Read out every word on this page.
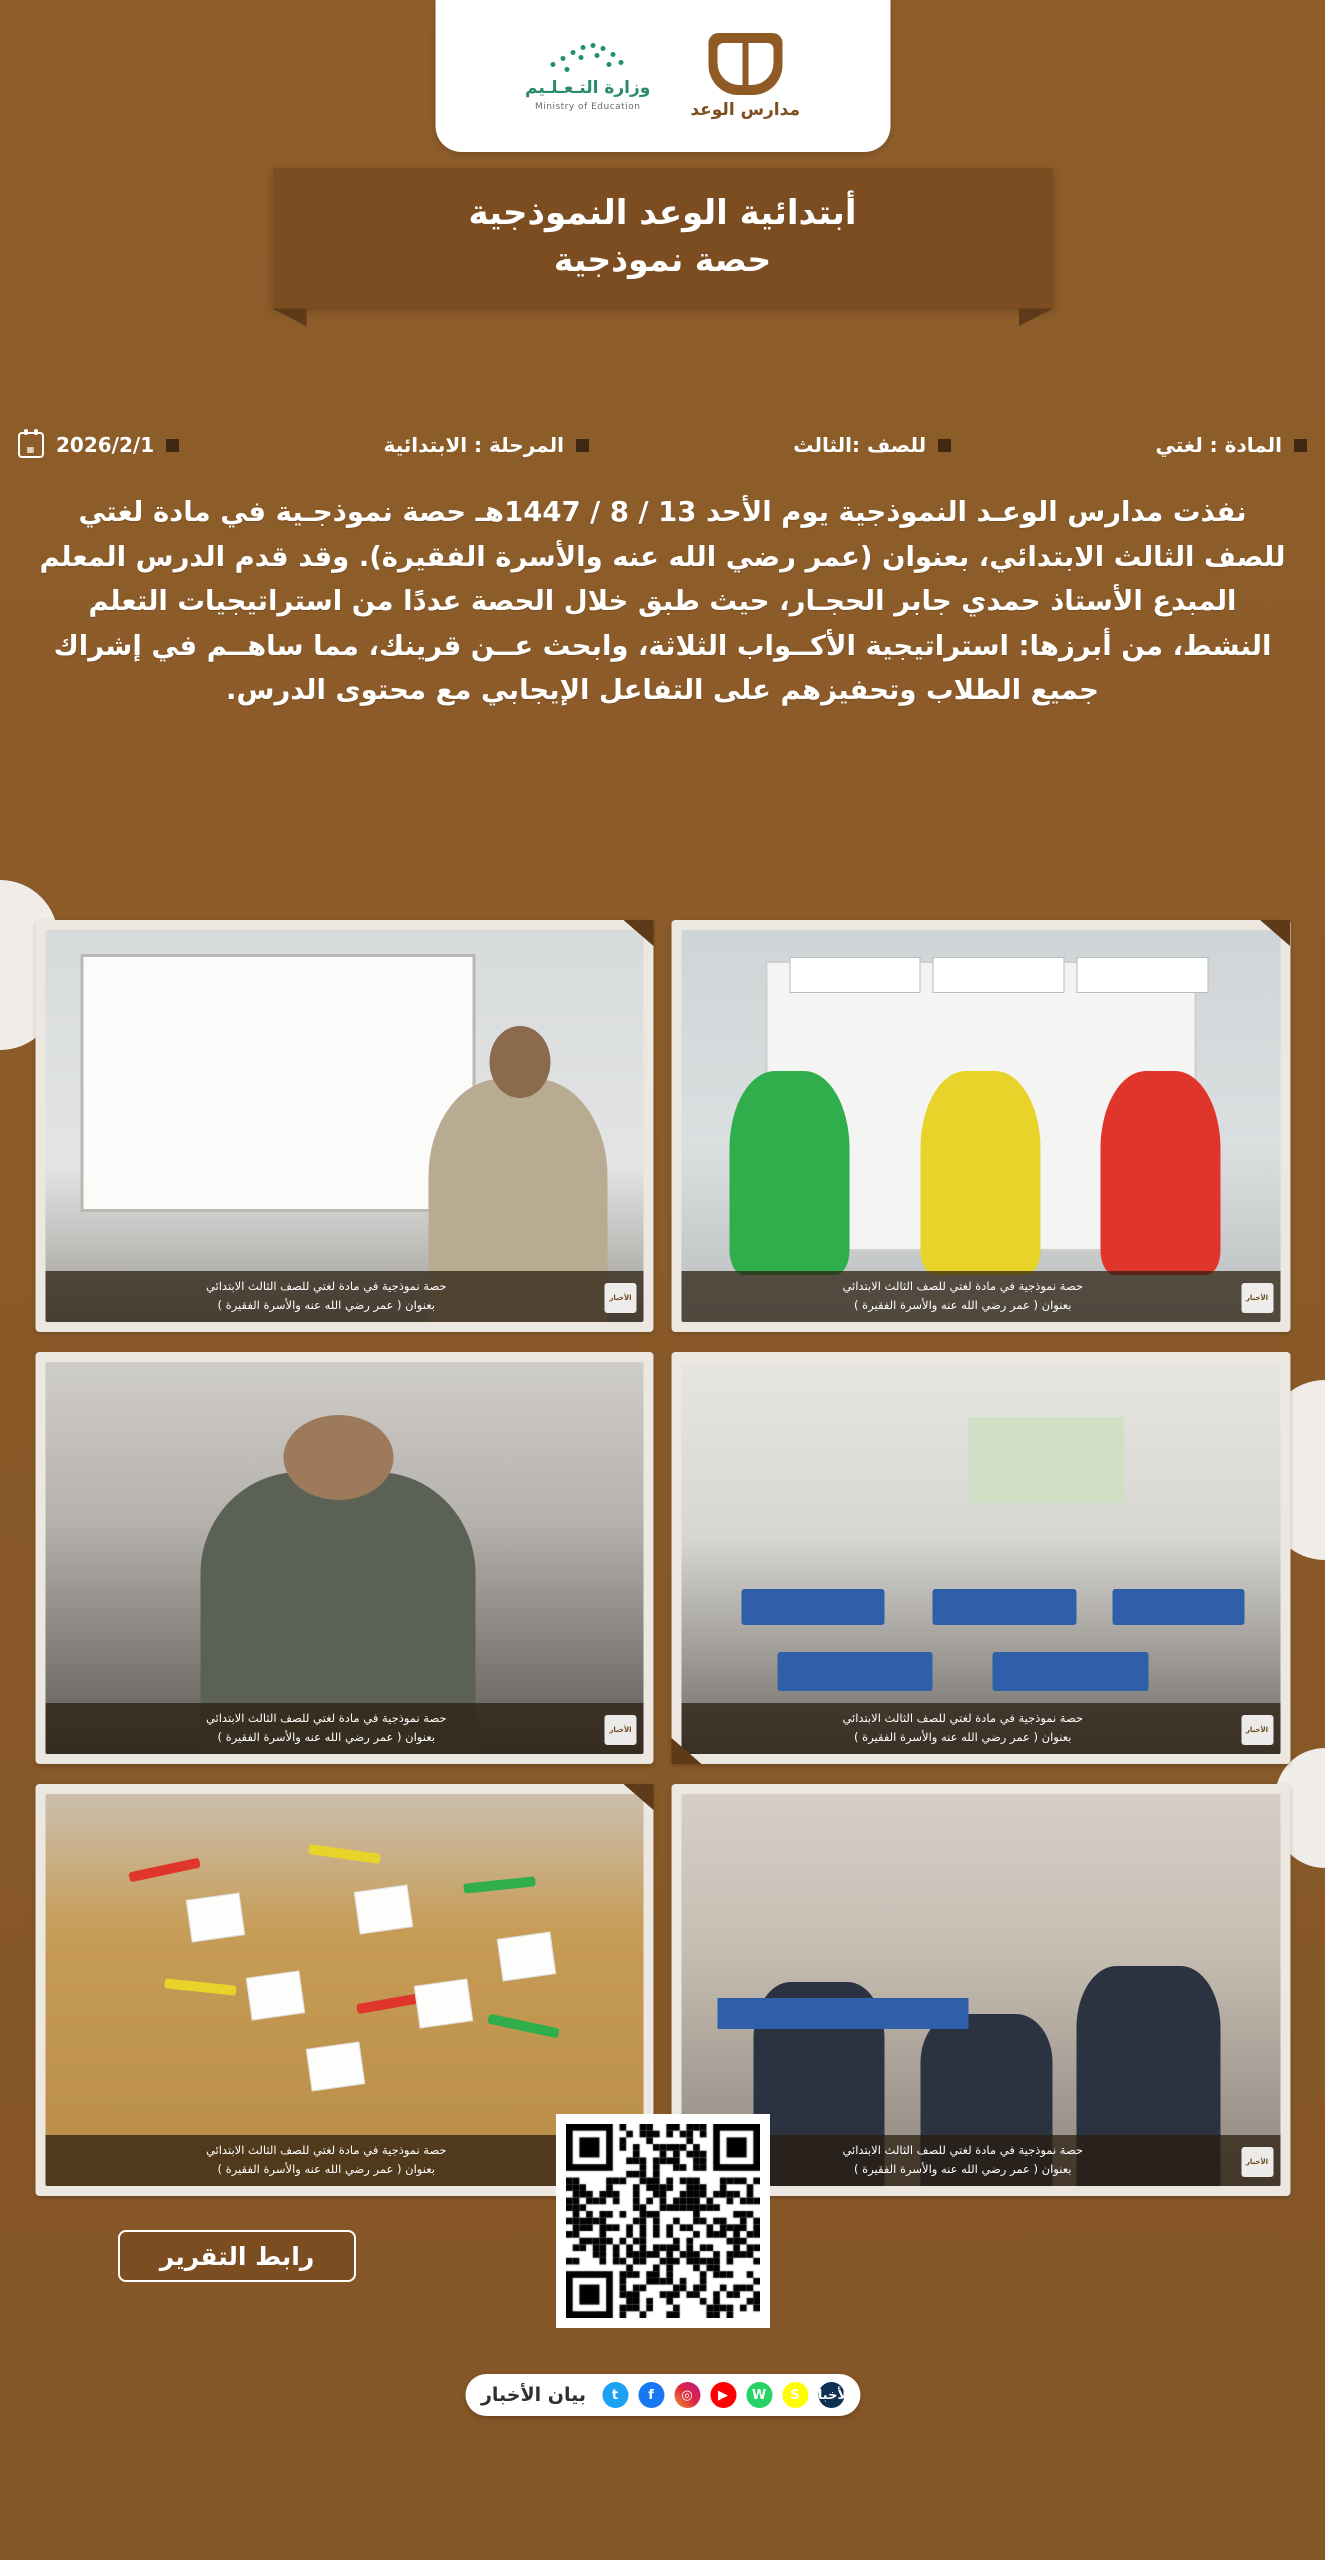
مدارس الوعد
وزارة التـعـلـيم
Ministry of Education
أبتدائية الوعد النموذجية
حصة نموذجية
المادة : لغتي
للصف :الثالث
المرحلة : الابتدائية
2026/2/1
▦
نفذت مدارس الوعـد النموذجية يوم الأحد 13 / 8 / 1447هـ حصة نموذجـية في مادة لغتي للصف الثالث الابتدائي، بعنوان (عمر رضي الله عنه والأسرة الفقيرة). وقد قدم الدرس المعلم المبدع الأستاذ حمدي جابر الحجـار، حيث طبق خلال الحصة عددًا من استراتيجيات التعلم النشط، من أبرزها: استراتيجية الأكــواب الثلاثة، وابحث عــن قرينك، مما ساهــم في إشراك جميع الطلاب وتحفيزهم على التفاعل الإيجابي مع محتوى الدرس.
حصة نموذجية في مادة لغتي للصف الثالث الابتدائي
بعنوان ( عمر رضي الله عنه والأسرة الفقيرة )	الأخبار
حصة نموذجية في مادة لغتي للصف الثالث الابتدائي
بعنوان ( عمر رضي الله عنه والأسرة الفقيرة )	الأخبار
حصة نموذجية في مادة لغتي للصف الثالث الابتدائي
بعنوان ( عمر رضي الله عنه والأسرة الفقيرة )	الأخبار
حصة نموذجية في مادة لغتي للصف الثالث الابتدائي
بعنوان ( عمر رضي الله عنه والأسرة الفقيرة )	الأخبار
حصة نموذجية في مادة لغتي للصف الثالث الابتدائي
بعنوان ( عمر رضي الله عنه والأسرة الفقيرة )	الأخبار
حصة نموذجية في مادة لغتي للصف الثالث الابتدائي
بعنوان ( عمر رضي الله عنه والأسرة الفقيرة )
رابط التقرير
الأخبار
S
W
▶
◎
f
t
بيان الأخبار
